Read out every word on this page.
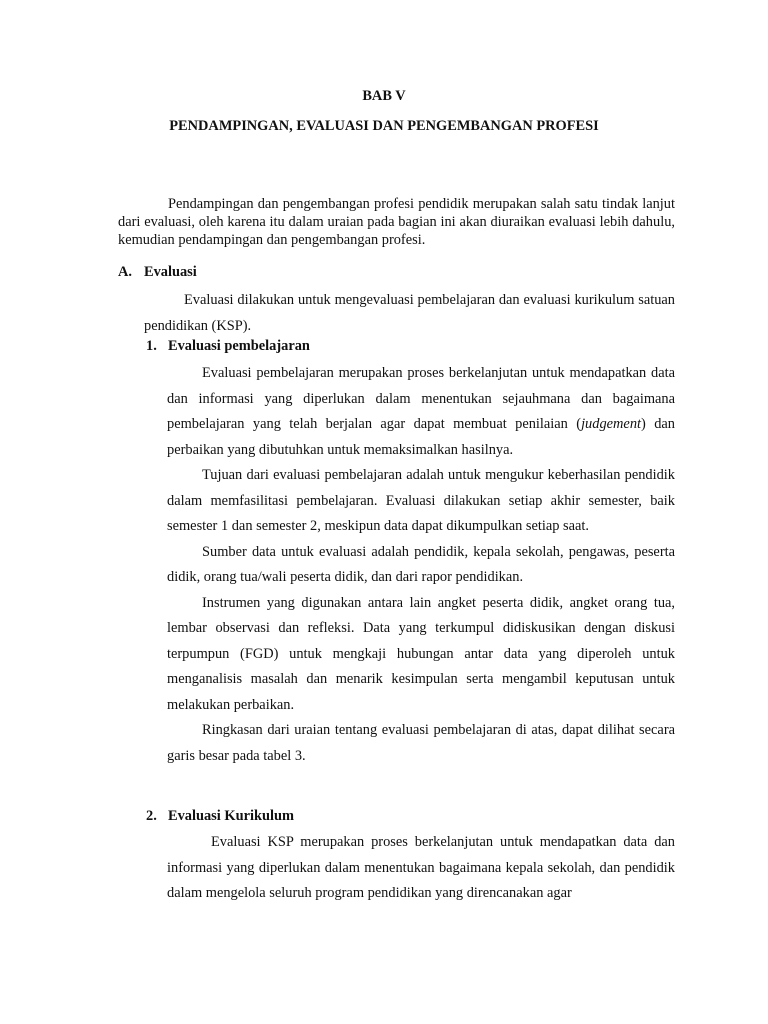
BAB V
PENDAMPINGAN, EVALUASI DAN PENGEMBANGAN PROFESI

Pendampingan dan pengembangan profesi pendidik merupakan salah satu tindak lanjut dari evaluasi, oleh karena itu dalam uraian pada bagian ini akan diuraikan evaluasi lebih dahulu, kemudian pendampingan dan pengembangan profesi.

A. Evaluasi

Evaluasi dilakukan untuk mengevaluasi pembelajaran dan evaluasi kurikulum satuan pendidikan (KSP).

1. Evaluasi pembelajaran

Evaluasi pembelajaran merupakan proses berkelanjutan untuk mendapatkan data dan informasi yang diperlukan dalam menentukan sejauhmana dan bagaimana pembelajaran yang telah berjalan agar dapat membuat penilaian (judgement) dan perbaikan yang dibutuhkan untuk memaksimalkan hasilnya.

Tujuan dari evaluasi pembelajaran adalah untuk mengukur keberhasilan pendidik dalam memfasilitasi pembelajaran. Evaluasi dilakukan setiap akhir semester, baik semester 1 dan semester 2, meskipun data dapat dikumpulkan setiap saat.

Sumber data untuk evaluasi adalah pendidik, kepala sekolah, pengawas, peserta didik, orang tua/wali peserta didik, dan dari rapor pendidikan.

Instrumen yang digunakan antara lain angket peserta didik, angket orang tua, lembar observasi dan refleksi. Data yang terkumpul didiskusikan dengan diskusi terpumpun (FGD) untuk mengkaji hubungan antar data yang diperoleh untuk menganalisis masalah dan menarik kesimpulan serta mengambil keputusan untuk melakukan perbaikan.

Ringkasan dari uraian tentang evaluasi pembelajaran di atas, dapat dilihat secara garis besar pada tabel 3.

2. Evaluasi Kurikulum

Evaluasi KSP merupakan proses berkelanjutan untuk mendapatkan data dan informasi yang diperlukan dalam menentukan bagaimana kepala sekolah, dan pendidik dalam mengelola seluruh program pendidikan yang direncanakan agar
